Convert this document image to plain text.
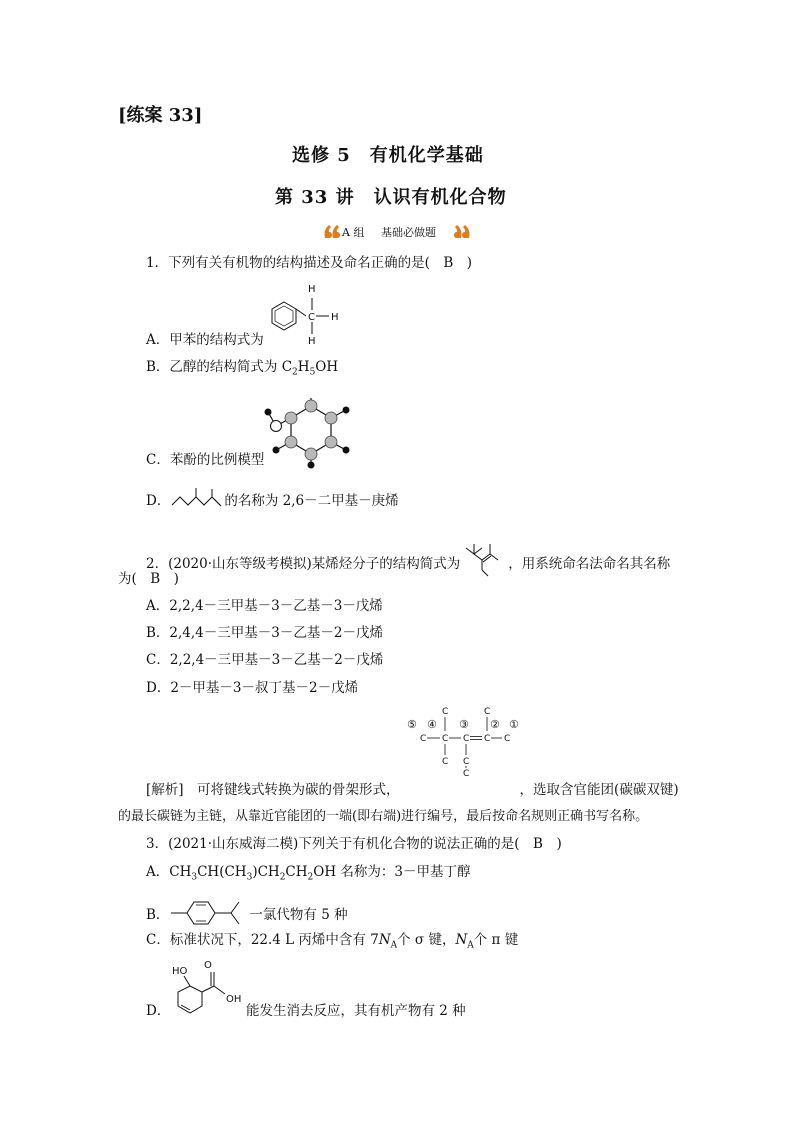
[练案 33]
选修 5　有机化学基础
第 33 讲　认识有机化合物
A 组 基础必做题
1．下列有关有机物的结构描述及命名正确的是(　B　)
C
H
H
H
A．甲苯的结构式为
B．乙醇的结构简式为 $C_2H_5OH$
C．苯酚的比例模型
D．	的名称为 2,6－二甲基－庚烯
2．(2020·山东等级考模拟)某烯烃分子的结构简式为	，用系统命名法命名其名称
为(　B　)
A．2,2,4－三甲基－3－乙基－3－戊烯
B．2,4,4－三甲基－3－乙基－2－戊烯
C．2,2,4－三甲基－3－乙基－2－戊烯
D．2－甲基－3－叔丁基－2－戊烯
⑤ ④ ③ ② ①
C	C
C C C C C
C C
C
[解析]　可将键线式转换为碳的骨架形式，	，选取含官能团(碳碳双键)
的最长碳链为主链，从靠近官能团的一端(即右端)进行编号，最后按命名规则正确书写名称。
3．(2021·山东威海二模)下列关于有机化合物的说法正确的是(　B　)
A．$CH_3CH(CH_3)CH_2CH_2OH$ 名称为：3－甲基丁醇
B．	一氯代物有 5 种
C．标准状况下，22.4 L 丙烯中含有 $7N_A$个 σ 键，$N_A$个 π 键
D．
HO
O
OH
能发生消去反应，其有机产物有 2 种
